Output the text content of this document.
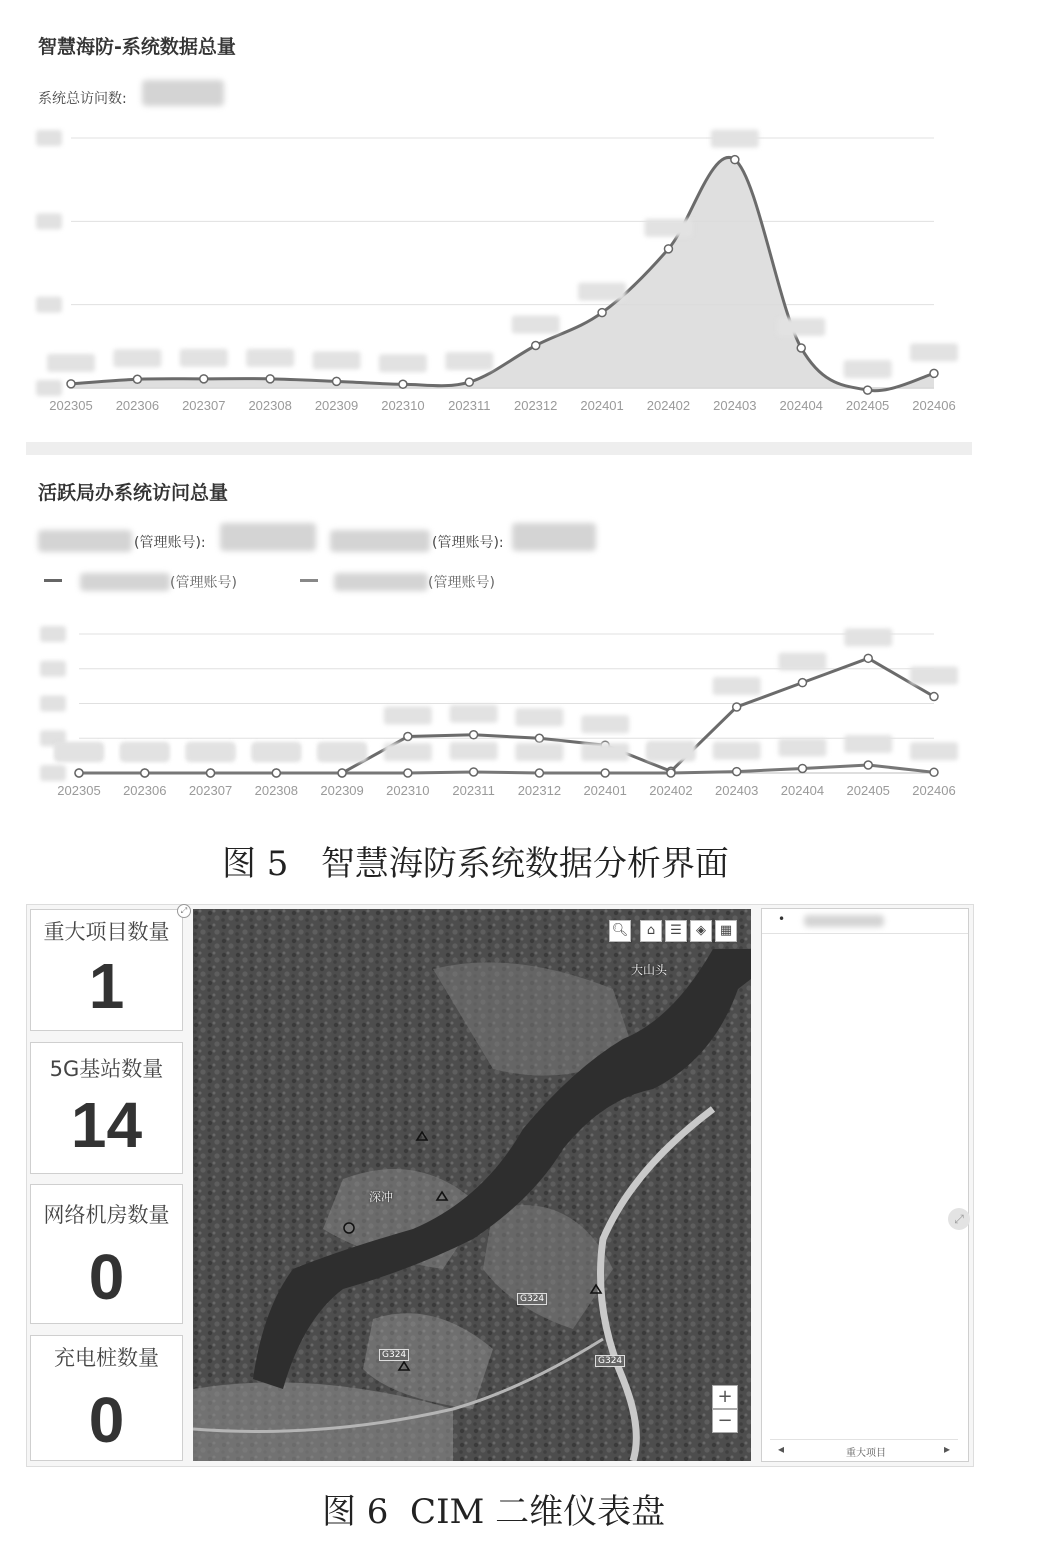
智慧海防-系统数据总量
系统总访问数:
202305 202306 202307 202308 202309 202310 202311 202312 202401 202402 202403 202404 202405 202406
活跃局办系统访问总量
(管理账号):	(管理账号):
(管理账号)	(管理账号)
202305 202306 202307 202308 202309 202310 202311 202312 202401 202402 202403 202404 202405 202406
图 5   智慧海防系统数据分析界面
重大项目数量
1
5G基站数量
14
网络机房数量
0
充电桩数量
0
⤢
大山头
深冲
G324
G324
G324
🔍︎	⌂	☰	◈	▦
+
−
•
◂	重大项目	▸
⤢
图 6  CIM 二维仪表盘
